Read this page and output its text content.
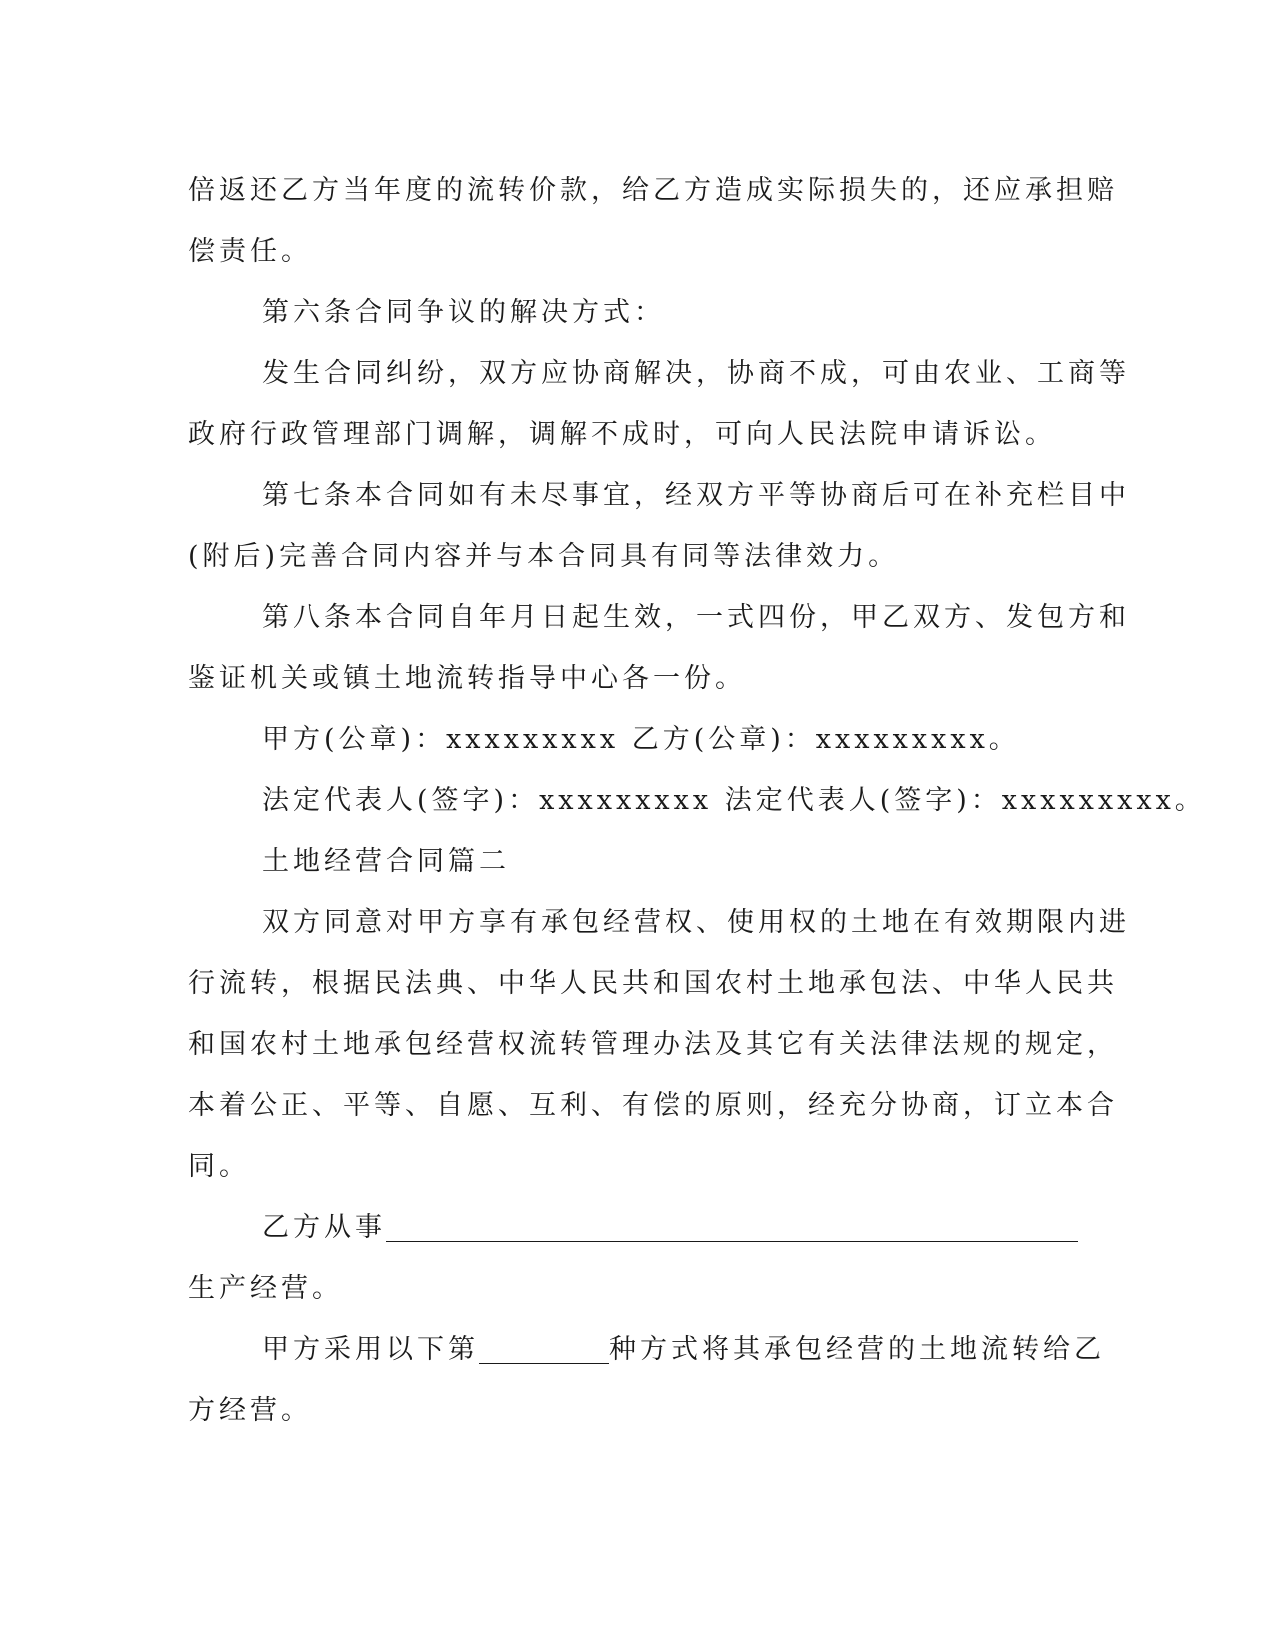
倍返还乙方当年度的流转价款，给乙方造成实际损失的，还应承担赔

偿责任。

第六条合同争议的解决方式：

发生合同纠纷，双方应协商解决，协商不成，可由农业、工商等

政府行政管理部门调解，调解不成时，可向人民法院申请诉讼。

第七条本合同如有未尽事宜，经双方平等协商后可在补充栏目中

(附后)完善合同内容并与本合同具有同等法律效力。

第八条本合同自年月日起生效，一式四份，甲乙双方、发包方和

鉴证机关或镇土地流转指导中心各一份。

甲方(公章)：xxxxxxxxx 乙方(公章)：xxxxxxxxx。

法定代表人(签字)：xxxxxxxxx 法定代表人(签字)：xxxxxxxxx。

土地经营合同篇二

双方同意对甲方享有承包经营权、使用权的土地在有效期限内进

行流转，根据民法典、中华人民共和国农村土地承包法、中华人民共

和国农村土地承包经营权流转管理办法及其它有关法律法规的规定，

本着公正、平等、自愿、互利、有偿的原则，经充分协商，订立本合

同。

乙方从事

生产经营。

甲方采用以下第	种方式将其承包经营的土地流转给乙

方经营。
